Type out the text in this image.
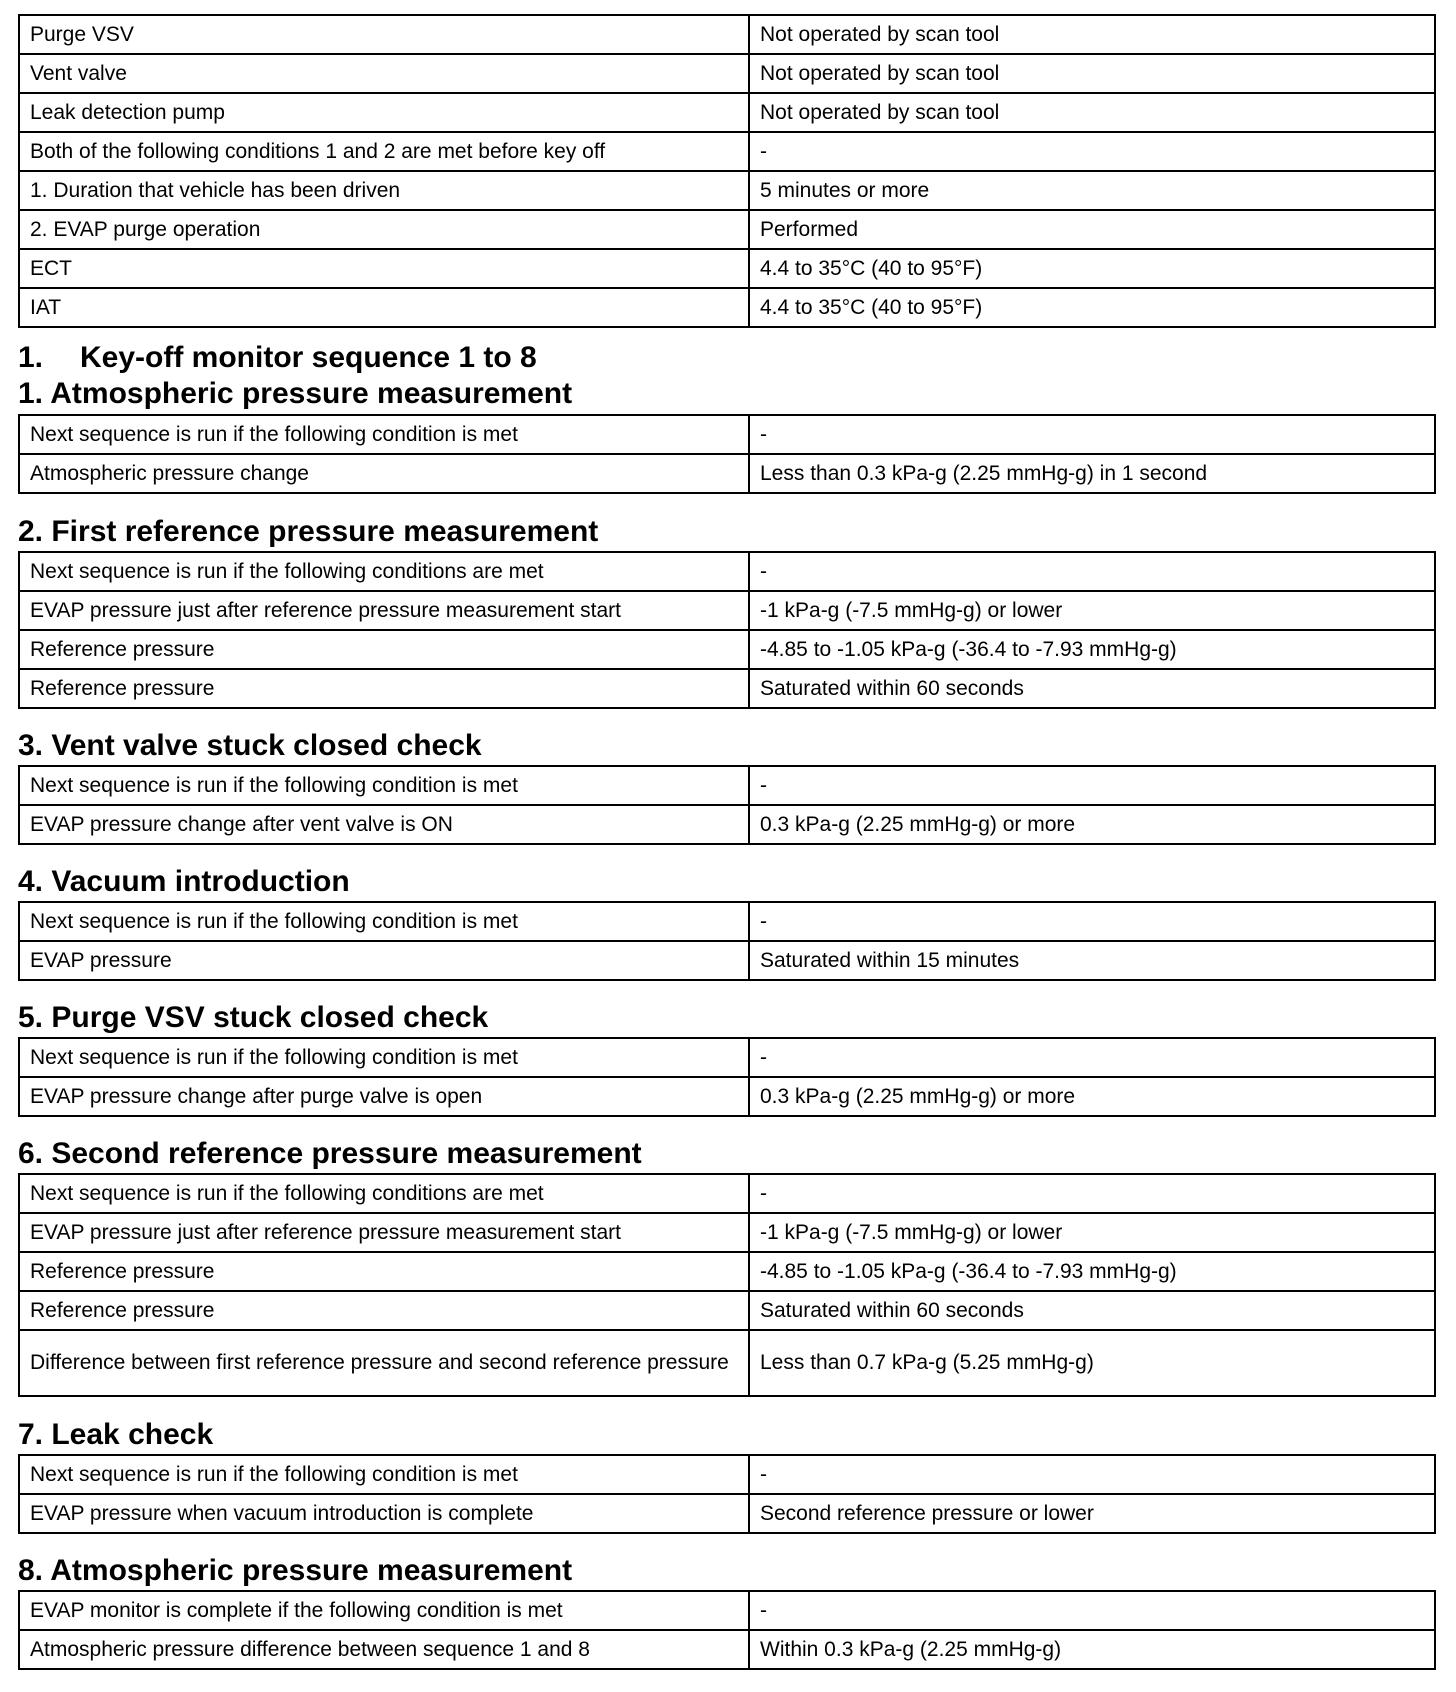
Purge VSV	Not operated by scan tool
Vent valve	Not operated by scan tool
Leak detection pump	Not operated by scan tool
Both of the following conditions 1 and 2 are met before key off	-
1. Duration that vehicle has been driven	5 minutes or more
2. EVAP purge operation	Performed
ECT	4.4 to 35°C (40 to 95°F)
IAT	4.4 to 35°C (40 to 95°F)
1. Key-off monitor sequence 1 to 8
1. Atmospheric pressure measurement
Next sequence is run if the following condition is met	-
Atmospheric pressure change	Less than 0.3 kPa-g (2.25 mmHg-g) in 1 second
2. First reference pressure measurement
Next sequence is run if the following conditions are met	-
EVAP pressure just after reference pressure measurement start	-1 kPa-g (-7.5 mmHg-g) or lower
Reference pressure	-4.85 to -1.05 kPa-g (-36.4 to -7.93 mmHg-g)
Reference pressure	Saturated within 60 seconds
3. Vent valve stuck closed check
Next sequence is run if the following condition is met	-
EVAP pressure change after vent valve is ON	0.3 kPa-g (2.25 mmHg-g) or more
4. Vacuum introduction
Next sequence is run if the following condition is met	-
EVAP pressure	Saturated within 15 minutes
5. Purge VSV stuck closed check
Next sequence is run if the following condition is met	-
EVAP pressure change after purge valve is open	0.3 kPa-g (2.25 mmHg-g) or more
6. Second reference pressure measurement
Next sequence is run if the following conditions are met	-
EVAP pressure just after reference pressure measurement start	-1 kPa-g (-7.5 mmHg-g) or lower
Reference pressure	-4.85 to -1.05 kPa-g (-36.4 to -7.93 mmHg-g)
Reference pressure	Saturated within 60 seconds
Difference between first reference pressure and second reference pressure	Less than 0.7 kPa-g (5.25 mmHg-g)
7. Leak check
Next sequence is run if the following condition is met	-
EVAP pressure when vacuum introduction is complete	Second reference pressure or lower
8. Atmospheric pressure measurement
EVAP monitor is complete if the following condition is met	-
Atmospheric pressure difference between sequence 1 and 8	Within 0.3 kPa-g (2.25 mmHg-g)
